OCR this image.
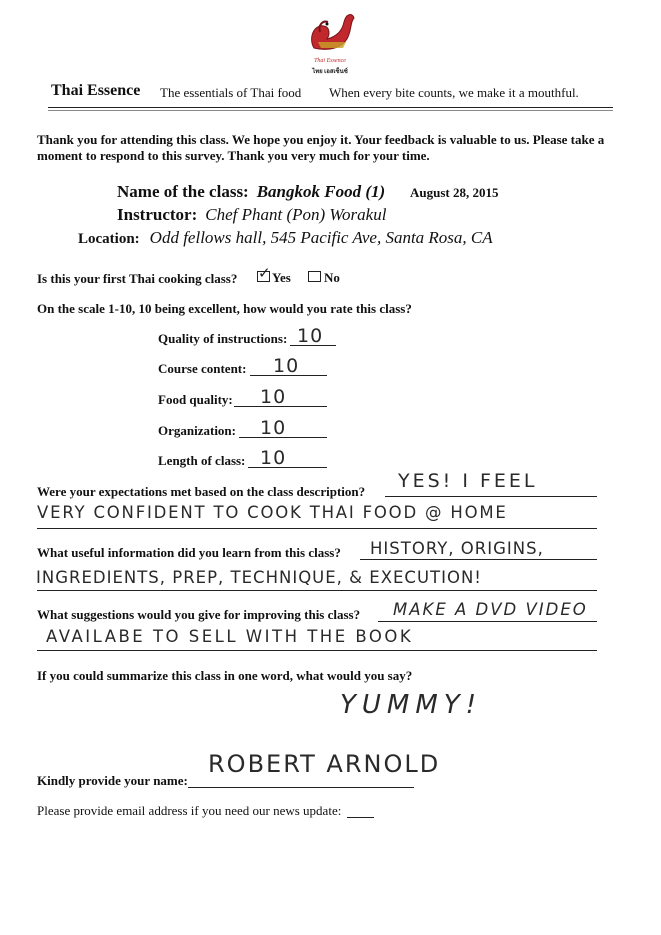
Thai Essence
ไทย เอสเซ็นซ์
Thai Essence The essentials of Thai food When every bite counts, we make it a mouthful.
Thank you for attending this class. We hope you enjoy it. Your feedback is valuable to us. Please take a moment to respond to this survey. Thank you very much for your time.
Name of the class: Bangkok Food (1) August 28, 2015
Instructor: Chef Phant (Pon) Worakul
Location: Odd fellows hall, 545 Pacific Ave, Santa Rosa, CA
Is this your first Thai cooking class? ✓ Yes	No
On the scale 1-10, 10 being excellent, how would you rate this class?
Quality of instructions: 10
Course content: 10
Food quality: 10
Organization: 10
Length of class: 10
Were your expectations met based on the class description?	YES! I FEEL
VERY CONFIDENT TO COOK THAI FOOD @ HOME
What useful information did you learn from this class?	HISTORY, ORIGINS,
INGREDIENTS, PREP, TECHNIQUE, & EXECUTION!
What suggestions would you give for improving this class?	MAKE A DVD VIDEO
AVAILABE TO SELL WITH THE BOOK
If you could summarize this class in one word, what would you say?
YUMMY!
Kindly provide your name:
ROBERT ARNOLD
Please provide email address if you need our news update:
